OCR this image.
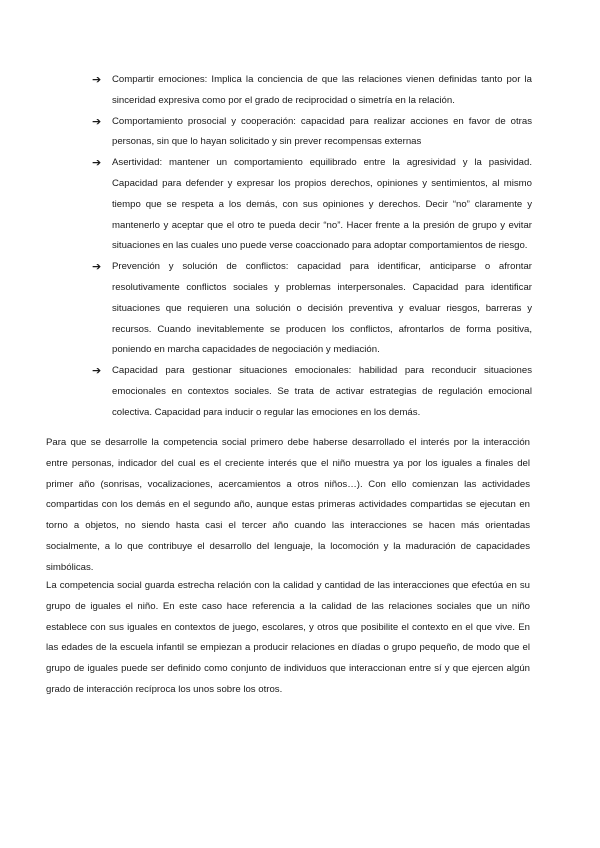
➔ Compartir emociones: Implica la conciencia de que las relaciones vienen definidas tanto por la sinceridad expresiva como por el grado de reciprocidad o simetría en la relación.
➔ Comportamiento prosocial y cooperación: capacidad para realizar acciones en favor de otras personas, sin que lo hayan solicitado y sin prever recompensas externas
➔ Asertividad: mantener un comportamiento equilibrado entre la agresividad y la pasividad. Capacidad para defender y expresar los propios derechos, opiniones y sentimientos, al mismo tiempo que se respeta a los demás, con sus opiniones y derechos. Decir “no” claramente y mantenerlo y aceptar que el otro te pueda decir “no”. Hacer frente a la presión de grupo y evitar situaciones en las cuales uno puede verse coaccionado para adoptar comportamientos de riesgo.
➔ Prevención y solución de conflictos: capacidad para identificar, anticiparse o afrontar resolutivamente conflictos sociales y problemas interpersonales. Capacidad para identificar situaciones que requieren una solución o decisión preventiva y evaluar riesgos, barreras y recursos. Cuando inevitablemente se producen los conflictos, afrontarlos de forma positiva, poniendo en marcha capacidades de negociación y mediación.
➔ Capacidad para gestionar situaciones emocionales: habilidad para reconducir situaciones emocionales en contextos sociales. Se trata de activar estrategias de regulación emocional colectiva. Capacidad para inducir o regular las emociones en los demás.

Para que se desarrolle la competencia social primero debe haberse desarrollado el interés por la interacción entre personas, indicador del cual es el creciente interés que el niño muestra ya por los iguales a finales del primer año (sonrisas, vocalizaciones, acercamientos a otros niños…). Con ello comienzan las actividades compartidas con los demás en el segundo año, aunque estas primeras actividades compartidas se ejecutan en torno a objetos, no siendo hasta casi el tercer año cuando las interacciones se hacen más orientadas socialmente, a lo que contribuye el desarrollo del lenguaje, la locomoción y la maduración de capacidades simbólicas.

La competencia social guarda estrecha relación con la calidad y cantidad de las interacciones que efectúa en su grupo de iguales el niño. En este caso hace referencia a la calidad de las relaciones sociales que un niño establece con sus iguales en contextos de juego, escolares, y otros que posibilite el contexto en el que vive. En las edades de la escuela infantil se empiezan a producir relaciones en díadas o grupo pequeño, de modo que el grupo de iguales puede ser definido como conjunto de individuos que interaccionan entre sí y que ejercen algún grado de interacción recíproca los unos sobre los otros.
